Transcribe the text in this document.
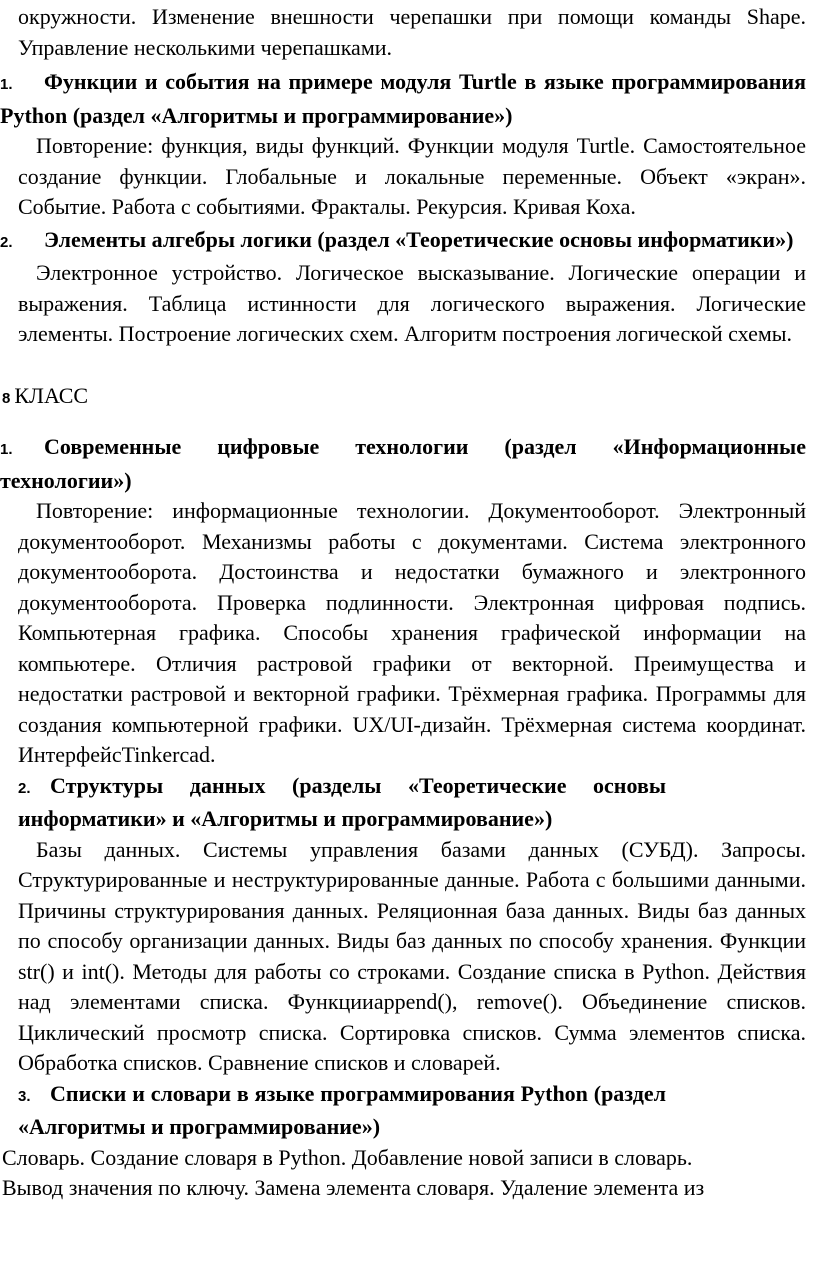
окружности. Изменение внешности черепашки при помощи команды Shape. Управление несколькими черепашками.

1. Функции и события на примере модуля Turtle в языке программирования Python (раздел «Алгоритмы и программирование»)

Повторение: функция, виды функций. Функции модуля Turtle. Самостоятельное создание функции. Глобальные и локальные переменные. Объект «экран». Событие. Работа с событиями. Фракталы. Рекурсия. Кривая Коха.

2. Элементы алгебры логики (раздел «Теоретические основы информатики»)

Электронное устройство. Логическое высказывание. Логические операции и выражения. Таблица истинности для логического выражения. Логические элементы. Построение логических схем. Алгоритм построения логической схемы.

8 КЛАСС

1. Современные цифровые технологии (раздел «Информационные технологии»)

Повторение: информационные технологии. Документооборот. Электронный документооборот. Механизмы работы с документами. Система электронного документооборота. Достоинства и недостатки бумажного и электронного документооборота. Проверка подлинности. Электронная цифровая подпись. Компьютерная графика. Способы хранения графической информации на компьютере. Отличия растровой графики от векторной. Преимущества и недостатки растровой и векторной графики. Трёхмерная графика. Программы для создания компьютерной графики. UX/UI-дизайн. Трёхмерная система координат. ИнтерфейсTinkercad.

2. Структуры данных (разделы «Теоретические основы информатики» и «Алгоритмы и программирование»)

Базы данных. Системы управления базами данных (СУБД). Запросы. Структурированные и неструктурированные данные. Работа с большими данными. Причины структурирования данных. Реляционная база данных. Виды баз данных по способу организации данных. Виды баз данных по способу хранения. Функции str() и int(). Методы для работы со строками. Создание списка в Python. Действия над элементами списка. Функцииappend(), remove(). Объединение списков. Циклический просмотр списка. Сортировка списков. Сумма элементов списка. Обработка списков. Сравнение списков и словарей.

3. Списки и словари в языке программирования Python (раздел «Алгоритмы и программирование»)

Словарь. Создание словаря в Python. Добавление новой записи в словарь.

Вывод значения по ключу. Замена элемента словаря. Удаление элемента из
